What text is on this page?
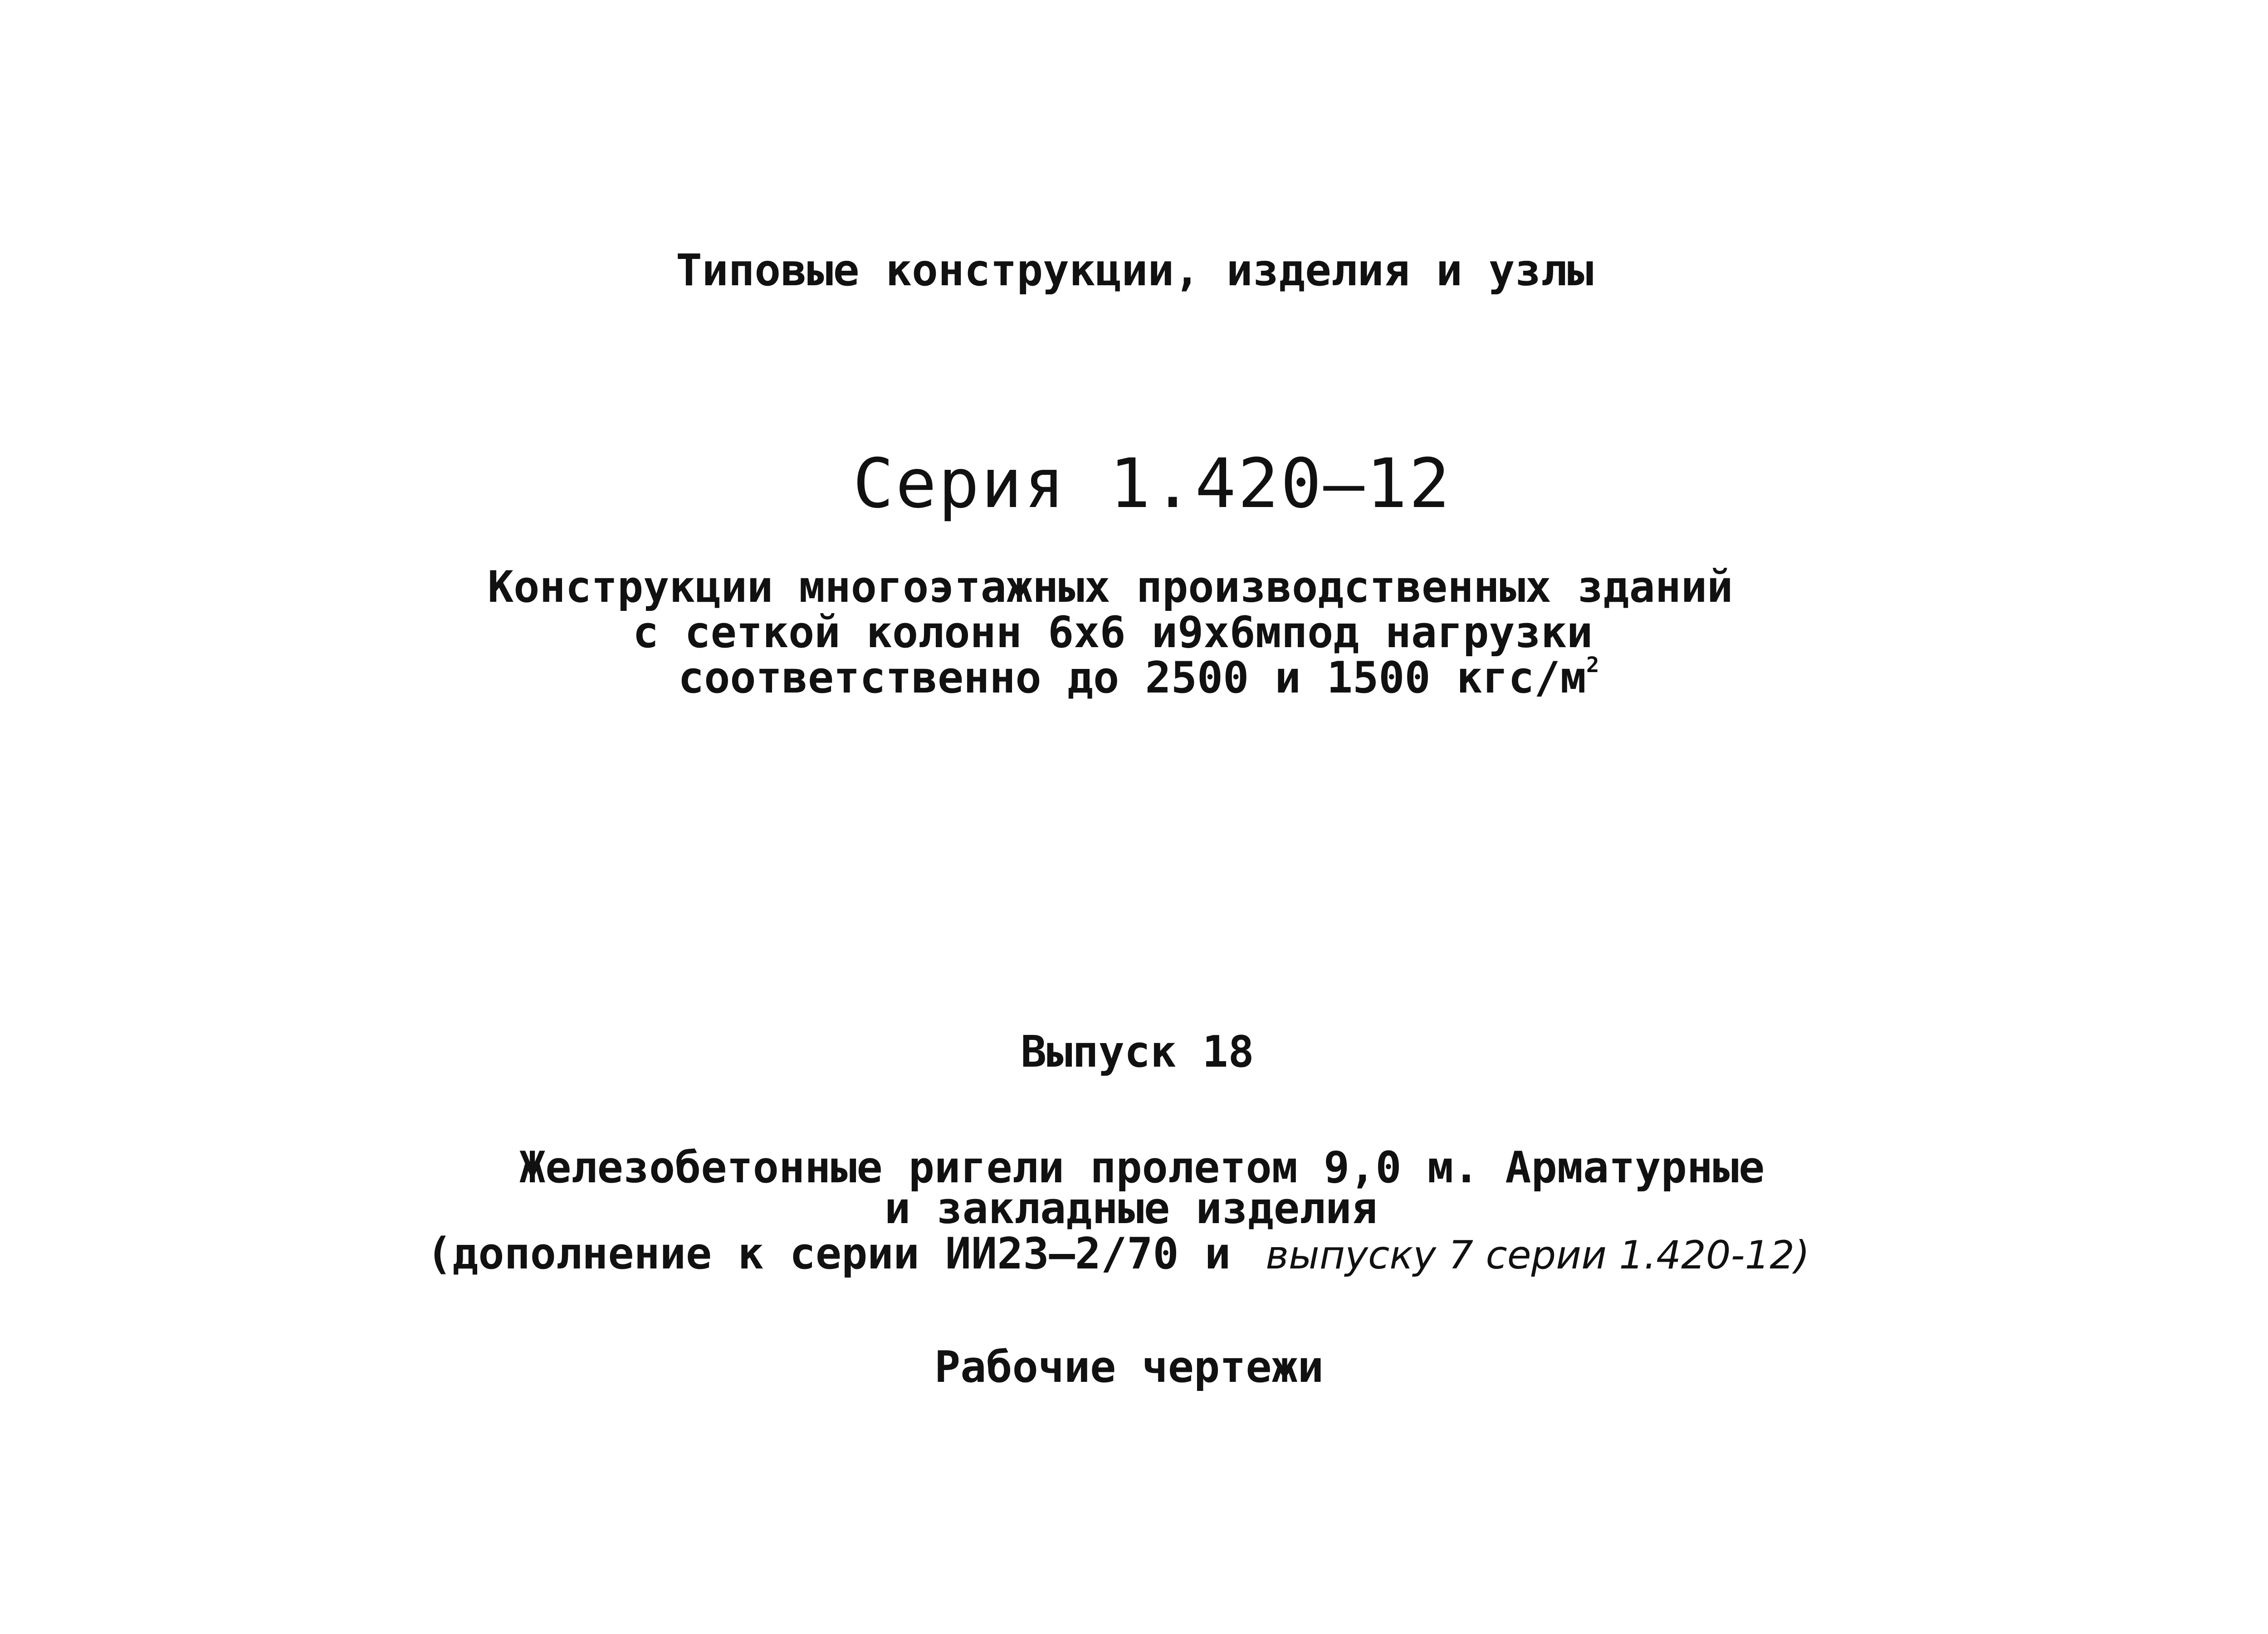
Типовые конструкции, изделия и узлы
Серия 1.420—12
Конструкции многоэтажных производственных зданий
с сеткой колонн 6х6 и9х6мпод нагрузки
соответственно до 2500 и 1500 кгс/$м^2$
Выпуск 18
Железобетонные ригели пролетом 9,0 м. Арматурные
и закладные изделия
(дополнение к серии ИИ23—2/70 и выпуску 7 серии 1.420-12)
Рабочие чертежи
